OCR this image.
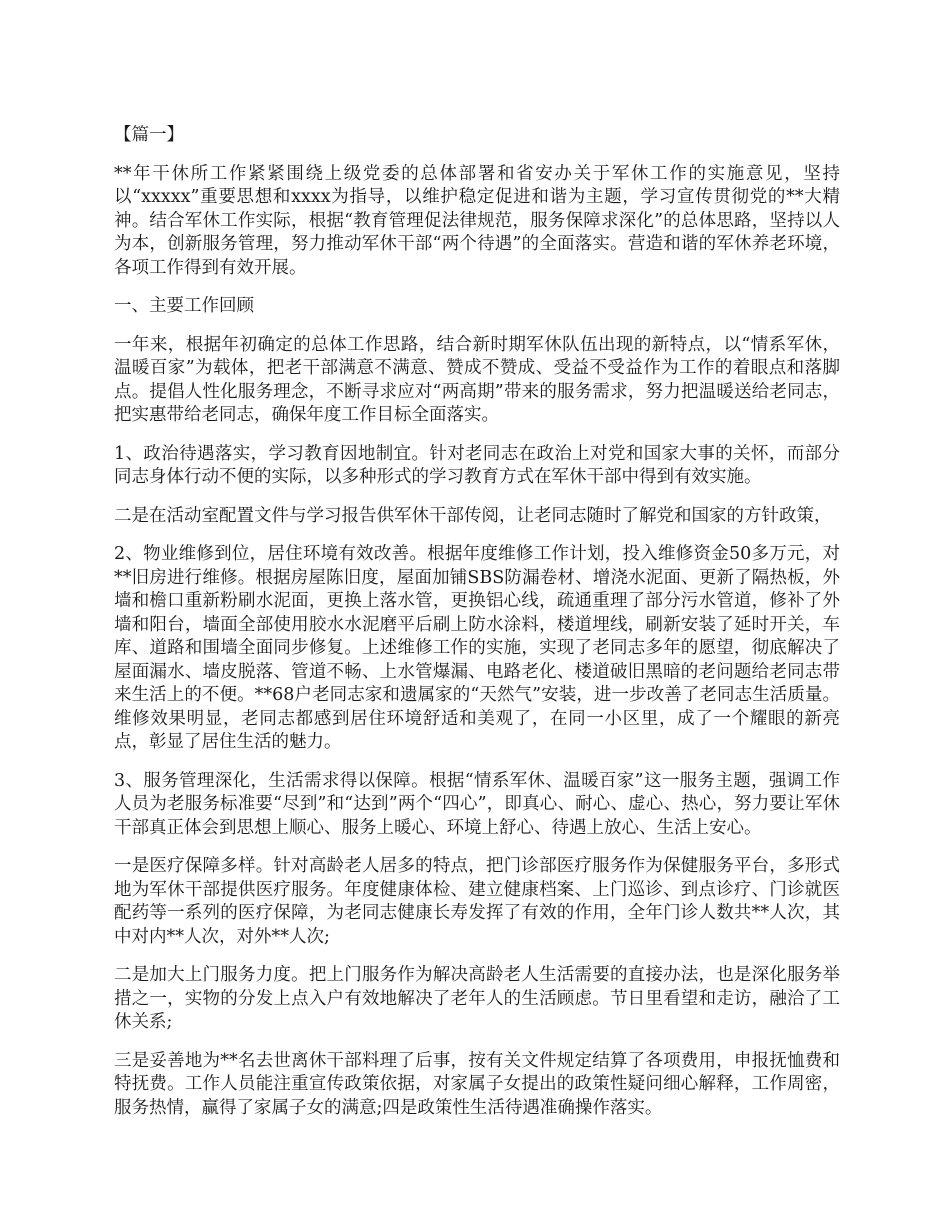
【篇一】

**年干休所工作紧紧围绕上级党委的总体部署和省安办关于军休工作的实施意见，坚持以“xxxxx”重要思想和xxxx为指导，以维护稳定促进和谐为主题，学习宣传贯彻党的**大精神。结合军休工作实际，根据“教育管理促法律规范，服务保障求深化”的总体思路，坚持以人为本，创新服务管理，努力推动军休干部“两个待遇”的全面落实。营造和谐的军休养老环境，各项工作得到有效开展。

一、主要工作回顾

一年来，根据年初确定的总体工作思路，结合新时期军休队伍出现的新特点，以“情系军休，温暖百家”为载体，把老干部满意不满意、赞成不赞成、受益不受益作为工作的着眼点和落脚点。提倡人性化服务理念，不断寻求应对“两高期”带来的服务需求，努力把温暖送给老同志，把实惠带给老同志，确保年度工作目标全面落实。

1、政治待遇落实，学习教育因地制宜。针对老同志在政治上对党和国家大事的关怀，而部分同志身体行动不便的实际，以多种形式的学习教育方式在军休干部中得到有效实施。

二是在活动室配置文件与学习报告供军休干部传阅，让老同志随时了解党和国家的方针政策，

2、物业维修到位，居住环境有效改善。根据年度维修工作计划，投入维修资金50多万元，对**旧房进行维修。根据房屋陈旧度，屋面加铺SBS防漏卷材、增浇水泥面、更新了隔热板，外墙和檐口重新粉刷水泥面，更换上落水管，更换铝心线，疏通重理了部分污水管道，修补了外墙和阳台，墙面全部使用胶水水泥磨平后刷上防水涂料，楼道埋线，刷新安装了延时开关，车库、道路和围墙全面同步修复。上述维修工作的实施，实现了老同志多年的愿望，彻底解决了屋面漏水、墙皮脱落、管道不畅、上水管爆漏、电路老化、楼道破旧黑暗的老问题给老同志带来生活上的不便。**68户老同志家和遗属家的“天然气”安装，进一步改善了老同志生活质量。维修效果明显，老同志都感到居住环境舒适和美观了，在同一小区里，成了一个耀眼的新亮点，彰显了居住生活的魅力。

3、服务管理深化，生活需求得以保障。根据“情系军休、温暖百家”这一服务主题，强调工作人员为老服务标准要“尽到”和“达到”两个“四心”，即真心、耐心、虚心、热心，努力要让军休干部真正体会到思想上顺心、服务上暖心、环境上舒心、待遇上放心、生活上安心。

一是医疗保障多样。针对高龄老人居多的特点，把门诊部医疗服务作为保健服务平台，多形式地为军休干部提供医疗服务。年度健康体检、建立健康档案、上门巡诊、到点诊疗、门诊就医配药等一系列的医疗保障，为老同志健康长寿发挥了有效的作用，全年门诊人数共**人次，其中对内**人次，对外**人次;

二是加大上门服务力度。把上门服务作为解决高龄老人生活需要的直接办法，也是深化服务举措之一，实物的分发上点入户有效地解决了老年人的生活顾虑。节日里看望和走访，融洽了工休关系;

三是妥善地为**名去世离休干部料理了后事，按有关文件规定结算了各项费用，申报抚恤费和特抚费。工作人员能注重宣传政策依据，对家属子女提出的政策性疑问细心解释，工作周密，服务热情，赢得了家属子女的满意;四是政策性生活待遇准确操作落实。
